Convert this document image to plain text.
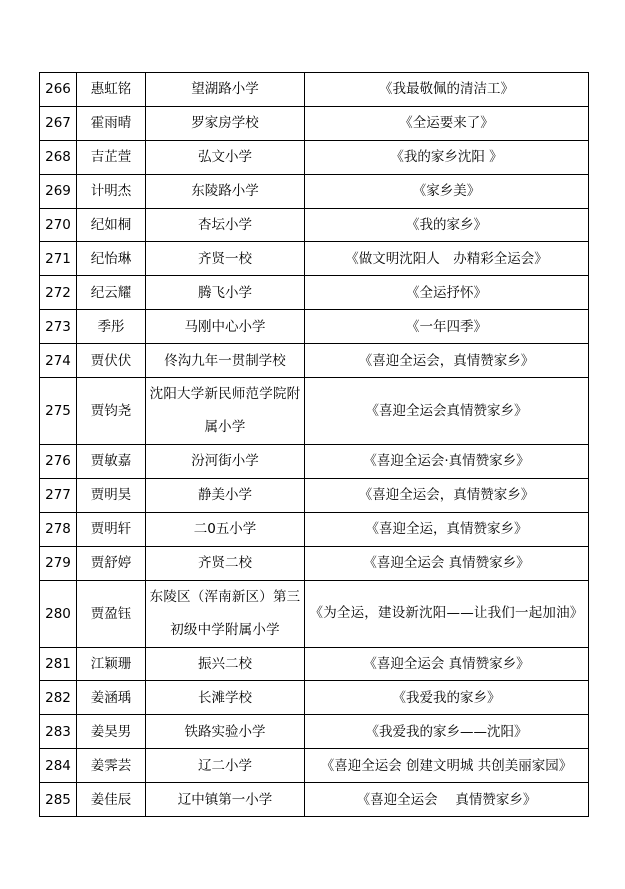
266	惠虹铭	望湖路小学	《我最敬佩的清洁工》
267	霍雨晴	罗家房学校	《全运要来了》
268	吉芷萱	弘文小学	《我的家乡沈阳 》
269	计明杰	东陵路小学	《家乡美》
270	纪如桐	杏坛小学	《我的家乡》
271	纪怡琳	齐贤一校	《做文明沈阳人　办精彩全运会》
272	纪云耀	腾飞小学	《全运抒怀》
273	季彤	马刚中心小学	《一年四季》
274	贾伏伏	佟沟九年一贯制学校	《喜迎全运会，真情赞家乡》
275	贾钧尧	沈阳大学新民师范学院附属小学	《喜迎全运会真情赞家乡》
276	贾敏嘉	汾河街小学	《喜迎全运会·真情赞家乡》
277	贾明昊	静美小学	《喜迎全运会，真情赞家乡》
278	贾明轩	二0五小学	《喜迎全运，真情赞家乡》
279	贾舒婷	齐贤二校	《喜迎全运会 真情赞家乡》
280	贾盈钰	东陵区（浑南新区）第三初级中学附属小学	《为全运，建设新沈阳——让我们一起加油》
281	江颖珊	振兴二校	《喜迎全运会 真情赞家乡》
282	姜涵瑀	长滩学校	《我爱我的家乡》
283	姜昊男	铁路实验小学	《我爱我的家乡——沈阳》
284	姜霁芸	辽二小学	《喜迎全运会 创建文明城 共创美丽家园》
285	姜佳辰	辽中镇第一小学	《喜迎全运会　 真情赞家乡》
